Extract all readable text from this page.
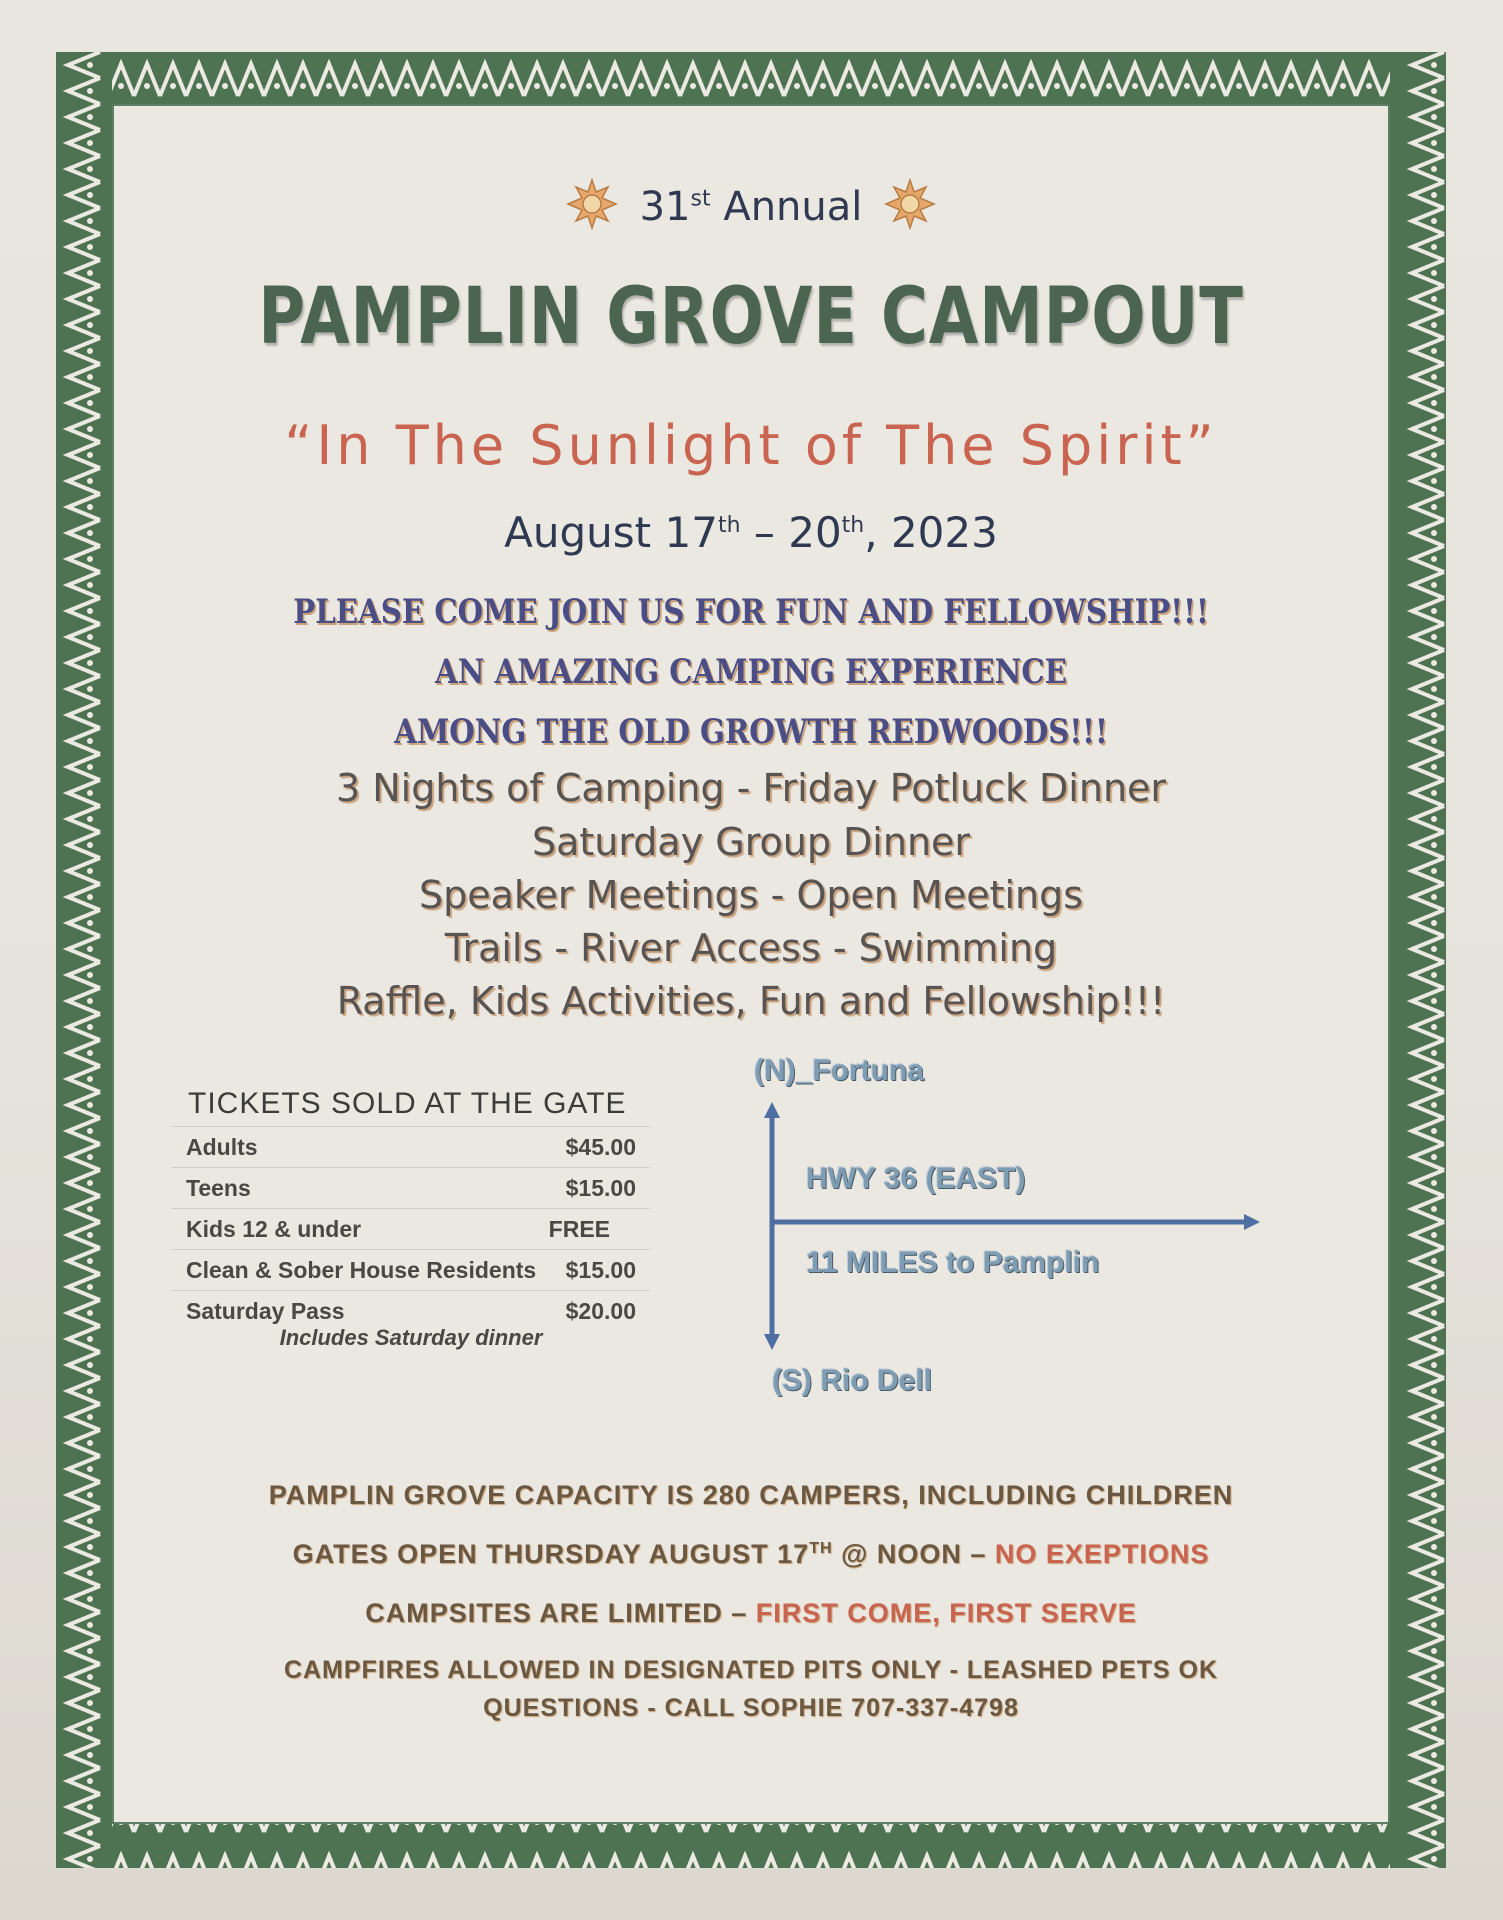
31st Annual
PAMPLIN GROVE CAMPOUT
“In The Sunlight of The Spirit”
August 17th – 20th, 2023
PLEASE COME JOIN US FOR FUN AND FELLOWSHIP!!!
AN AMAZING CAMPING EXPERIENCE
AMONG THE OLD GROWTH REDWOODS!!!
3 Nights of Camping - Friday Potluck Dinner
Saturday Group Dinner
Speaker Meetings - Open Meetings
Trails - River Access - Swimming
Raffle, Kids Activities, Fun and Fellowship!!!
TICKETS SOLD AT THE GATE
Adults	$45.00
Teens	$15.00
Kids 12 & under	FREE
Clean & Sober House Residents $15.00
Saturday Pass	$20.00
Includes Saturday dinner
(N)_Fortuna
HWY 36 (EAST)
11 MILES to Pamplin
(S) Rio Dell
PAMPLIN GROVE CAPACITY IS 280 CAMPERS, INCLUDING CHILDREN
GATES OPEN THURSDAY AUGUST 17TH @ NOON – NO EXEPTIONS
CAMPSITES ARE LIMITED – FIRST COME, FIRST SERVE
CAMPFIRES ALLOWED IN DESIGNATED PITS ONLY - LEASHED PETS OK
QUESTIONS - CALL SOPHIE 707-337-4798
